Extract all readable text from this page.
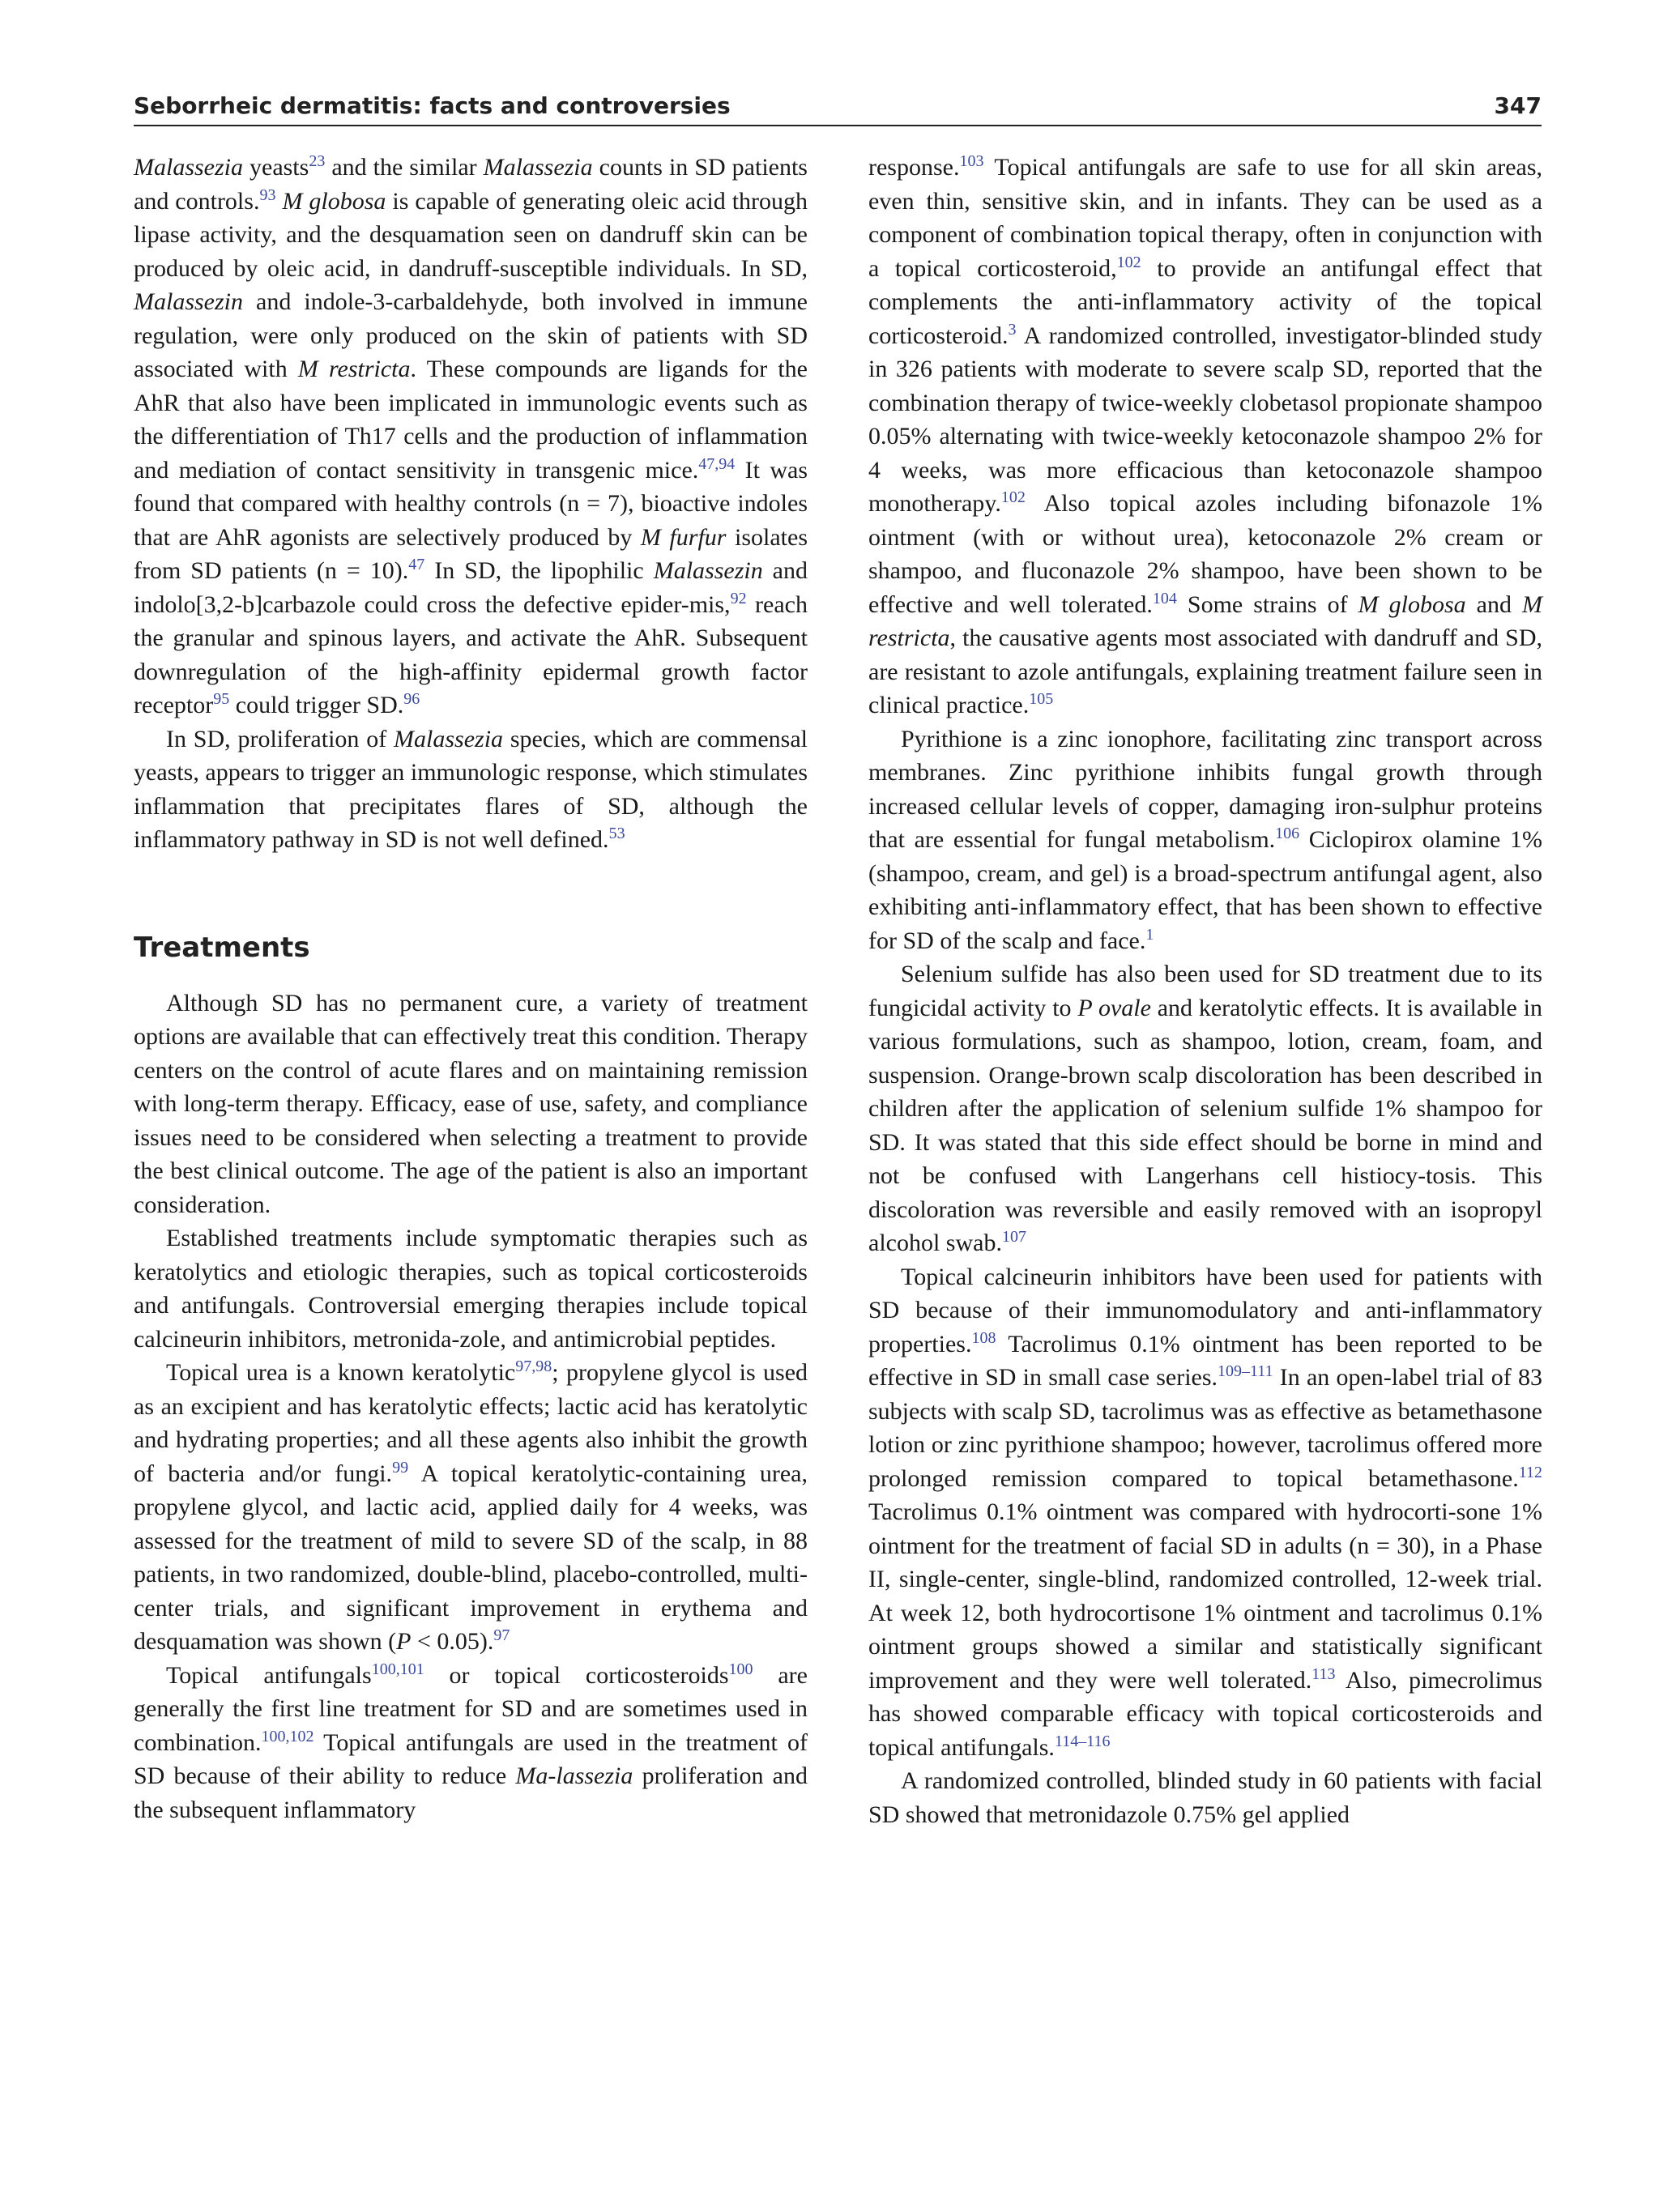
Seborrheic dermatitis: facts and controversies	347

Malassezia yeasts$^{23}$ and the similar Malassezia counts in SD patients and controls.$^{93}$ M globosa is capable of generating oleic acid through lipase activity, and the desquamation seen on dandruff skin can be produced by oleic acid, in dandruff-susceptible individuals. In SD, Malassezin and indole-3-carbaldehyde, both involved in immune regulation, were only produced on the skin of patients with SD associated with M restricta. These compounds are ligands for the AhR that also have been implicated in immunologic events such as the differentiation of Th17 cells and the production of inflammation and mediation of contact sensitivity in transgenic mice.$^{47,94}$ It was found that compared with healthy controls (n = 7), bioactive indoles that are AhR agonists are selectively produced by M furfur isolates from SD patients (n = 10).$^{47}$ In SD, the lipophilic Malassezin and indolo[3,2-b]carbazole could cross the defective epider-mis,$^{92}$ reach the granular and spinous layers, and activate the AhR. Subsequent downregulation of the high-affinity epidermal growth factor receptor$^{95}$ could trigger SD.$^{96}$

In SD, proliferation of Malassezia species, which are commensal yeasts, appears to trigger an immunologic response, which stimulates inflammation that precipitates flares of SD, although the inflammatory pathway in SD is not well defined.$^{53}$

Treatments

Although SD has no permanent cure, a variety of treatment options are available that can effectively treat this condition. Therapy centers on the control of acute flares and on maintaining remission with long-term therapy. Efficacy, ease of use, safety, and compliance issues need to be considered when selecting a treatment to provide the best clinical outcome. The age of the patient is also an important consideration.

Established treatments include symptomatic therapies such as keratolytics and etiologic therapies, such as topical corticosteroids and antifungals. Controversial emerging therapies include topical calcineurin inhibitors, metronida-zole, and antimicrobial peptides.

Topical urea is a known keratolytic$^{97,98}$; propylene glycol is used as an excipient and has keratolytic effects; lactic acid has keratolytic and hydrating properties; and all these agents also inhibit the growth of bacteria and/or fungi.$^{99}$ A topical keratolytic-containing urea, propylene glycol, and lactic acid, applied daily for 4 weeks, was assessed for the treatment of mild to severe SD of the scalp, in 88 patients, in two randomized, double-blind, placebo-controlled, multi-center trials, and significant improvement in erythema and desquamation was shown (P < 0.05).$^{97}$

Topical antifungals$^{100,101}$ or topical corticosteroids$^{100}$ are generally the first line treatment for SD and are sometimes used in combination.$^{100,102}$ Topical antifungals are used in the treatment of SD because of their ability to reduce Ma-lassezia proliferation and the subsequent inflammatory

response.$^{103}$ Topical antifungals are safe to use for all skin areas, even thin, sensitive skin, and in infants. They can be used as a component of combination topical therapy, often in conjunction with a topical corticosteroid,$^{102}$ to provide an antifungal effect that complements the anti-inflammatory activity of the topical corticosteroid.$^3$ A randomized controlled, investigator-blinded study in 326 patients with moderate to severe scalp SD, reported that the combination therapy of twice-weekly clobetasol propionate shampoo 0.05% alternating with twice-weekly ketoconazole shampoo 2% for 4 weeks, was more efficacious than ketoconazole shampoo monotherapy.$^{102}$ Also topical azoles including bifonazole 1% ointment (with or without urea), ketoconazole 2% cream or shampoo, and fluconazole 2% shampoo, have been shown to be effective and well tolerated.$^{104}$ Some strains of M globosa and M restricta, the causative agents most associated with dandruff and SD, are resistant to azole antifungals, explaining treatment failure seen in clinical practice.$^{105}$

Pyrithione is a zinc ionophore, facilitating zinc transport across membranes. Zinc pyrithione inhibits fungal growth through increased cellular levels of copper, damaging iron-sulphur proteins that are essential for fungal metabolism.$^{106}$ Ciclopirox olamine 1% (shampoo, cream, and gel) is a broad-spectrum antifungal agent, also exhibiting anti-inflammatory effect, that has been shown to effective for SD of the scalp and face.$^1$

Selenium sulfide has also been used for SD treatment due to its fungicidal activity to P ovale and keratolytic effects. It is available in various formulations, such as shampoo, lotion, cream, foam, and suspension. Orange-brown scalp discoloration has been described in children after the application of selenium sulfide 1% shampoo for SD. It was stated that this side effect should be borne in mind and not be confused with Langerhans cell histiocy-tosis. This discoloration was reversible and easily removed with an isopropyl alcohol swab.$^{107}$

Topical calcineurin inhibitors have been used for patients with SD because of their immunomodulatory and anti-inflammatory properties.$^{108}$ Tacrolimus 0.1% ointment has been reported to be effective in SD in small case series.$^{109-111}$ In an open-label trial of 83 subjects with scalp SD, tacrolimus was as effective as betamethasone lotion or zinc pyrithione shampoo; however, tacrolimus offered more prolonged remission compared to topical betamethasone.$^{112}$ Tacrolimus 0.1% ointment was compared with hydrocorti-sone 1% ointment for the treatment of facial SD in adults (n = 30), in a Phase II, single-center, single-blind, randomized controlled, 12-week trial. At week 12, both hydrocortisone 1% ointment and tacrolimus 0.1% ointment groups showed a similar and statistically significant improvement and they were well tolerated.$^{113}$ Also, pimecrolimus has showed comparable efficacy with topical corticosteroids and topical antifungals.$^{114-116}$

A randomized controlled, blinded study in 60 patients with facial SD showed that metronidazole 0.75% gel applied
